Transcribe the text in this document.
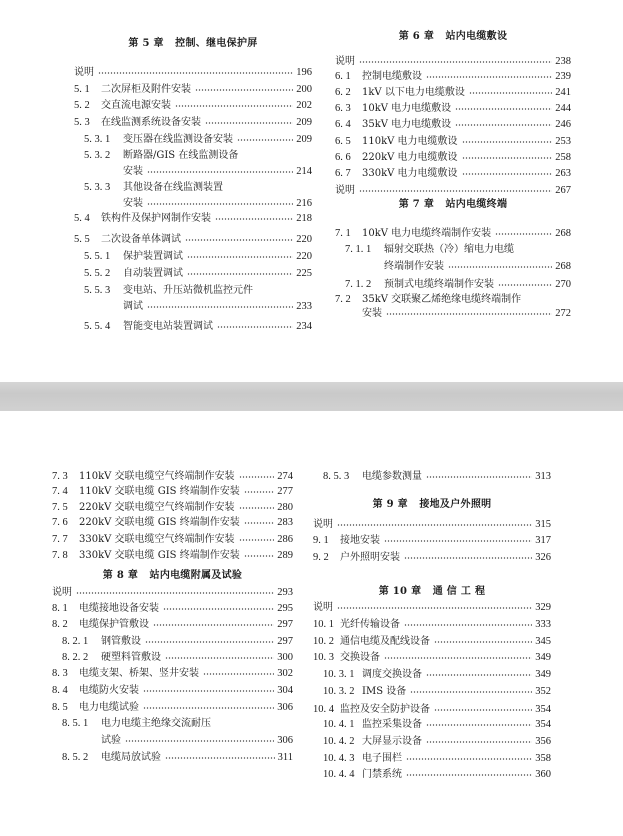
第 5 章   控制、继电保护屏
说明	196
5. 1 二次屏柜及附件安装	200
5. 2 交直流电源安装	202
5. 3 在线监测系统设备安装	209
5. 3. 1 变压器在线监测设备安装	209
5. 3. 2 断路器/GIS 在线监测设备
安装	214
5. 3. 3 其他设备在线监测装置
安装	216
5. 4 铁构件及保护网制作安装	218
5. 5 二次设备单体调试	220
5. 5. 1 保护装置调试	220
5. 5. 2 自动装置调试	225
5. 5. 3 变电站、升压站微机监控元件
调试	233
5. 5. 4 智能变电站装置调试	234
第 6 章   站内电缆敷设
说明	238
6. 1 控制电缆敷设	239
6. 2 1kV 以下电力电缆敷设	241
6. 3 10kV 电力电缆敷设	244
6. 4 35kV 电力电缆敷设	246
6. 5 110kV 电力电缆敷设	253
6. 6 220kV 电力电缆敷设	258
6. 7 330kV 电力电缆敷设	263
第 7 章   站内电缆终端
说明	267
7. 1 10kV 电力电缆终端制作安装	268
7. 1. 1 辐射交联热（冷）缩电力电缆
终端制作安装	268
7. 1. 2 预制式电缆终端制作安装	270
7. 2 35kV 交联聚乙烯绝缘电缆终端制作
安装	272
7. 3 110kV 交联电缆空气终端制作安装	274
7. 4 110kV 交联电缆 GIS 终端制作安装	277
7. 5 220kV 交联电缆空气终端制作安装	280
7. 6 220kV 交联电缆 GIS 终端制作安装	283
7. 7 330kV 交联电缆空气终端制作安装	286
7. 8 330kV 交联电缆 GIS 终端制作安装	289
第 8 章   站内电缆附属及试验
说明	293
8. 1 电缆接地设备安装	295
8. 2 电缆保护管敷设	297
8. 2. 1 钢管敷设	297
8. 2. 2 硬塑料管敷设	300
8. 3 电缆支架、桥架、竖井安装	302
8. 4 电缆防火安装	304
8. 5 电力电缆试验	306
8. 5. 1 电力电缆主绝缘交流耐压
试验	306
8. 5. 2 电缆局放试验	311
8. 5. 3 电缆参数测量	313
第 9 章   接地及户外照明
说明	315
9. 1 接地安装	317
9. 2 户外照明安装	326
第 10 章   通 信 工 程
说明	329
10. 1 光纤传输设备	333
10. 2 通信电缆及配线设备	345
10. 3 交换设备	349
10. 3. 1 调度交换设备	349
10. 3. 2 IMS 设备	352
10. 4 监控及安全防护设备	354
10. 4. 1 监控采集设备	354
10. 4. 2 大屏显示设备	356
10. 4. 3 电子围栏	358
10. 4. 4 门禁系统	360
